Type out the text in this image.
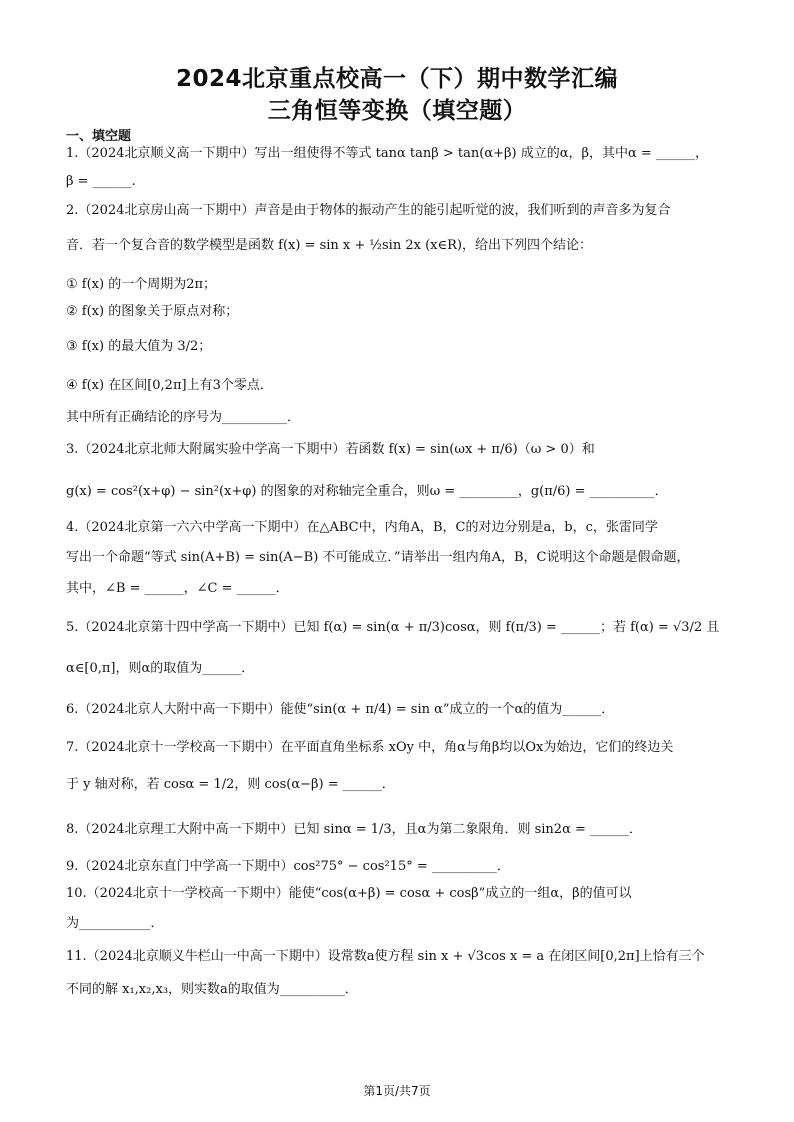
2024北京重点校高一（下）期中数学汇编
三角恒等变换（填空题）
一、填空题
1.（2024北京顺义高一下期中）写出一组使得不等式 tanα tanβ > tan(α+β) 成立的α，β，其中α = ______，
β = ______.
2.（2024北京房山高一下期中）声音是由于物体的振动产生的能引起听觉的波，我们听到的声音多为复合
音．若一个复合音的数学模型是函数 f(x) = sin x + ½sin 2x (x∈R)，给出下列四个结论：
① f(x) 的一个周期为2π；
② f(x) 的图象关于原点对称；
③ f(x) 的最大值为 3/2；
④ f(x) 在区间[0,2π]上有3个零点．
其中所有正确结论的序号为__________．
3.（2024北京北师大附属实验中学高一下期中）若函数 f(x) = sin(ωx + π/6)（ω > 0）和
g(x) = cos²(x+φ) − sin²(x+φ) 的图象的对称轴完全重合，则ω = _________，g(π/6) = __________．
4.（2024北京第一六六中学高一下期中）在△ABC中，内角A，B，C的对边分别是a，b，c，张雷同学
写出一个命题“等式 sin(A+B) = sin(A−B) 不可能成立．”请举出一组内角A，B，C说明这个命题是假命题，
其中，∠B = ______，∠C = ______．
5.（2024北京第十四中学高一下期中）已知 f(α) = sin(α + π/3)cosα，则 f(π/3) = ______；若 f(α) = √3/2 且
α∈[0,π]，则α的取值为______．
6.（2024北京人大附中高一下期中）能使“sin(α + π/4) = sin α”成立的一个α的值为______．
7.（2024北京十一学校高一下期中）在平面直角坐标系 xOy 中，角α与角β均以Ox为始边，它们的终边关
于 y 轴对称，若 cosα = 1/2，则 cos(α−β) = ______．
8.（2024北京理工大附中高一下期中）已知 sinα = 1/3，且α为第二象限角．则 sin2α = ______．
9.（2024北京东直门中学高一下期中）cos²75° − cos²15° = __________．
10.（2024北京十一学校高一下期中）能使“cos(α+β) = cosα + cosβ”成立的一组α，β的值可以
为___________．
11.（2024北京顺义牛栏山一中高一下期中）设常数a使方程 sin x + √3cos x = a 在闭区间[0,2π]上恰有三个
不同的解 x₁,x₂,x₃，则实数a的取值为__________．
第1页/共7页
